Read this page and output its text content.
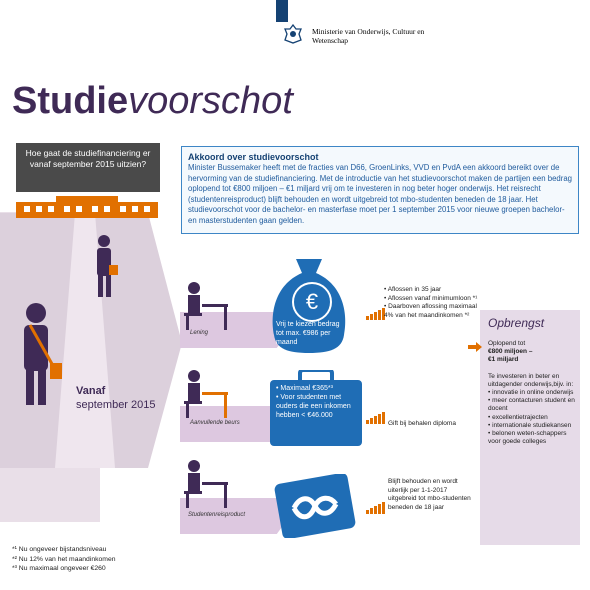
Ministerie van Onderwijs, Cultuur en Wetenschap
Studievoorschot
Hoe gaat de studiefinanciering er vanaf september 2015 uitzien?
Vanaf
september 2015
Akkoord over studievoorschot

Minister Bussemaker heeft met de fracties van D66, GroenLinks, VVD en PvdA een akkoord bereikt over de hervorming van de studiefinanciering. Met de introductie van het studievoorschot maken de partijen een bedrag oplopend tot €800 miljoen – €1 miljard vrij om te investeren in nog beter hoger onderwijs. Het reisrecht (studentenreisproduct) blijft behouden en wordt uitgebreid tot mbo-studenten beneden de 18 jaar. Het studievoorschot voor de bachelor- en masterfase moet per 1 september 2015 voor nieuwe groepen bachelor- en masterstudenten gaan gelden.

Lening
€
Vrij te kiezen bedrag tot max. €986 per maand
• Aflossen in 35 jaar
• Aflossen vanaf minimumloon *¹
• Daarboven aflossing maximaal 4% van het maandinkomen *²
Aanvullende beurs
• Maximaal €365*³
• Voor studenten met ouders die een inkomen hebben < €46.000
Gift bij behalen diploma
Studentenreisproduct
Blijft behouden en wordt uiterlijk per 1-1-2017 uitgebreid tot mbo-studenten beneden de 18 jaar
Opbrengst
Oplopend tot
€800 miljoen –
€1 miljard
Te investeren in beter en uitdagender onderwijs,bijv. in:
• innovatie in online onderwijs
• meer contacturen student en docent
• excellentietrajecten
• internationale studiekansen
• belonen weten-schappers voor goede colleges
*¹ Nu ongeveer bijstandsniveau
*² Nu 12% van het maandinkomen
*³ Nu maximaal ongeveer €260
